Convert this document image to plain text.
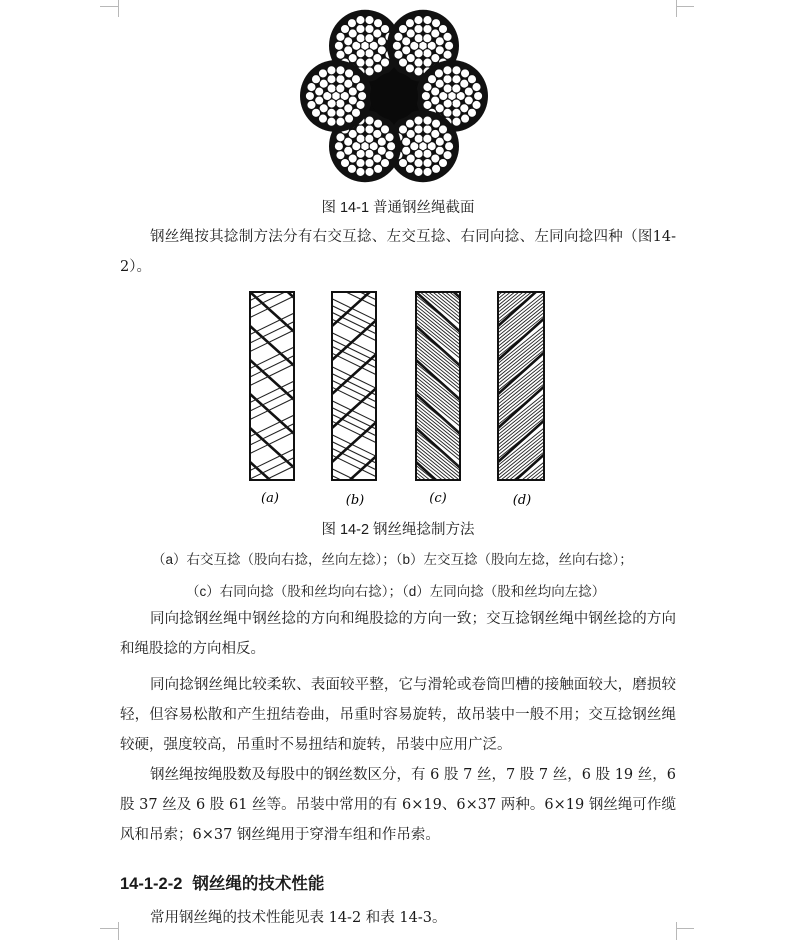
图 14-1 普通钢丝绳截面

钢丝绳按其捻制方法分有右交互捻、左交互捻、右同向捻、左同向捻四种（图14-2）。

(a)	(b)	(c)	(d)
图 14-2 钢丝绳捻制方法
（a）右交互捻（股向右捻，丝向左捻）；（b）左交互捻（股向左捻，丝向右捻）；
（c）右同向捻（股和丝均向右捻）；（d）左同向捻（股和丝均向左捻）

同向捻钢丝绳中钢丝捻的方向和绳股捻的方向一致；交互捻钢丝绳中钢丝捻的方向和绳股捻的方向相反。

同向捻钢丝绳比较柔软、表面较平整，它与滑轮或卷筒凹槽的接触面较大，磨损较轻，但容易松散和产生扭结卷曲，吊重时容易旋转，故吊装中一般不用；交互捻钢丝绳较硬，强度较高，吊重时不易扭结和旋转，吊装中应用广泛。

钢丝绳按绳股数及每股中的钢丝数区分，有 6 股 7 丝，7 股 7 丝，6 股 19 丝，6 股 37 丝及 6 股 61 丝等。吊装中常用的有 6×19、6×37 两种。6×19 钢丝绳可作缆风和吊索；6×37 钢丝绳用于穿滑车组和作吊索。

14-1-2-2 钢丝绳的技术性能

常用钢丝绳的技术性能见表 14-2 和表 14-3。
